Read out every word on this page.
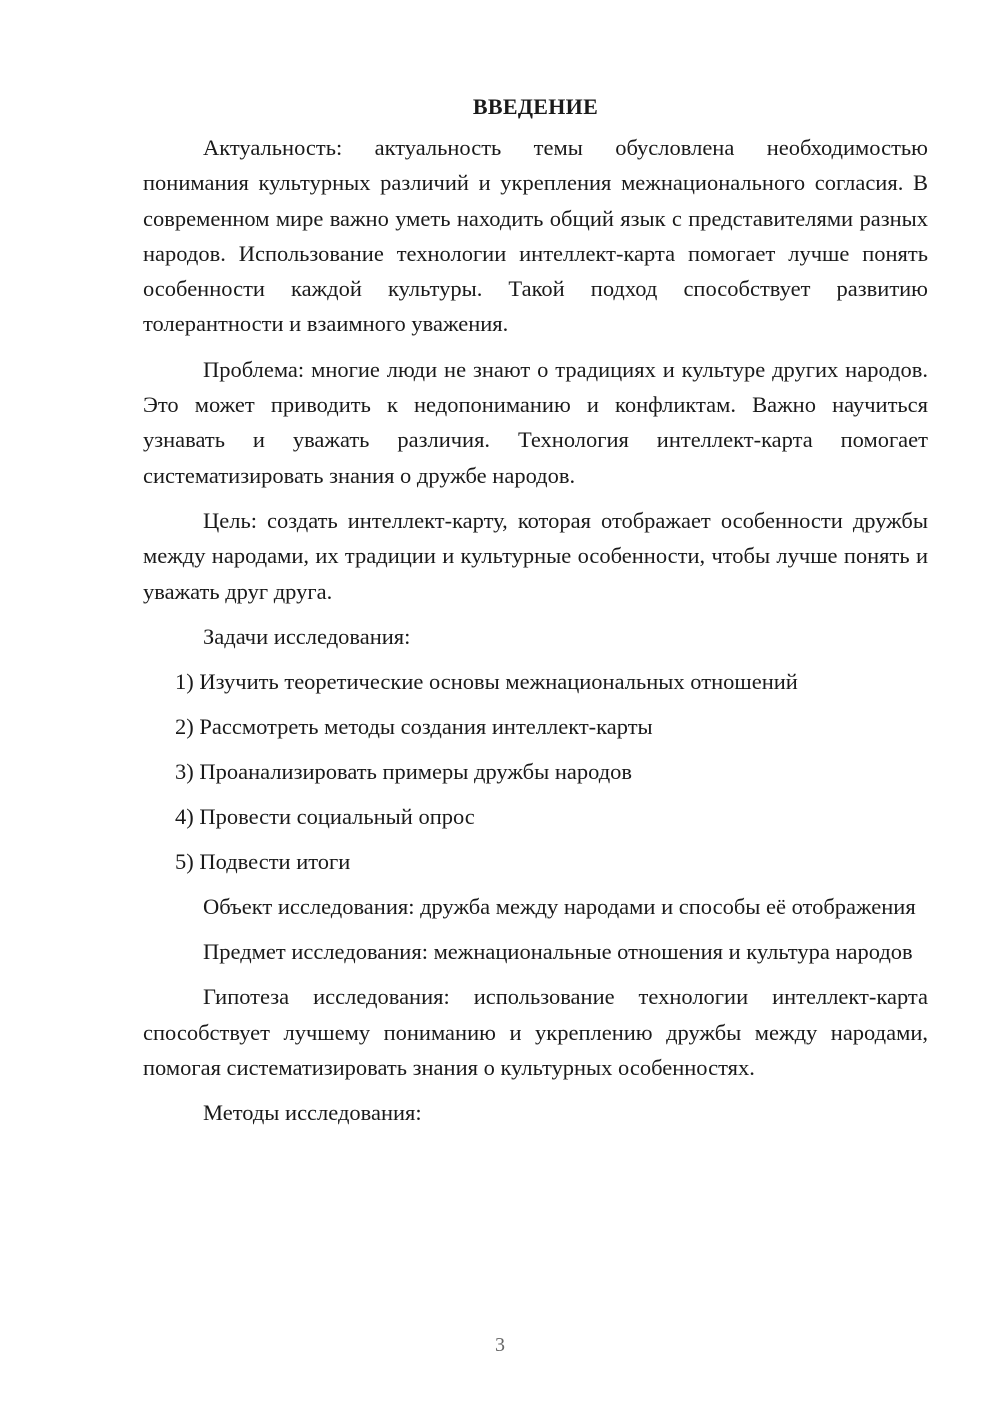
ВВЕДЕНИЕ

Актуальность: актуальность темы обусловлена необходимостью понимания культурных различий и укрепления межнационального согласия. В современном мире важно уметь находить общий язык с представителями разных народов. Использование технологии интеллект-карта помогает лучше понять особенности каждой культуры. Такой подход способствует развитию толерантности и взаимного уважения.

Проблема: многие люди не знают о традициях и культуре других народов. Это может приводить к недопониманию и конфликтам. Важно научиться узнавать и уважать различия. Технология интеллект-карта помогает систематизировать знания о дружбе народов.

Цель: создать интеллект-карту, которая отображает особенности дружбы между народами, их традиции и культурные особенности, чтобы лучше понять и уважать друг друга.

Задачи исследования:

1) Изучить теоретические основы межнациональных отношений

2) Рассмотреть методы создания интеллект-карты

3) Проанализировать примеры дружбы народов

4) Провести социальный опрос

5) Подвести итоги

Объект исследования: дружба между народами и способы её отображения

Предмет исследования: межнациональные отношения и культура народов

Гипотеза исследования: использование технологии интеллект-карта способствует лучшему пониманию и укреплению дружбы между народами, помогая систематизировать знания о культурных особенностях.

Методы исследования:

3
